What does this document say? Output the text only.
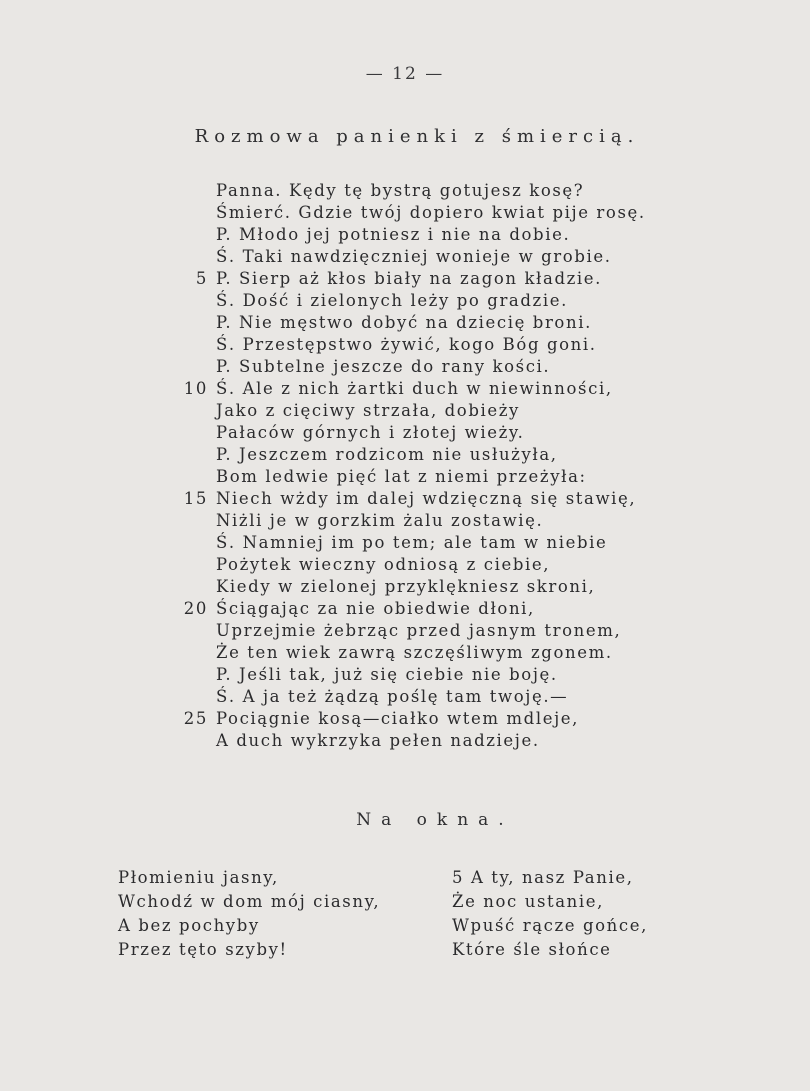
— 12 —
Rozmowa panienki z śmiercią.
Panna. Kędy tę bystrą gotujesz kosę?
Śmierć. Gdzie twój dopiero kwiat pije rosę.
P. Młodo jej potniesz i nie na dobie.
Ś. Taki nawdzięczniej wonieje w grobie.
5 P. Sierp aż kłos biały na zagon kładzie.
Ś. Dość i zielonych leży po gradzie.
P. Nie męstwo dobyć na dziecię broni.
Ś. Przestępstwo żywić, kogo Bóg goni.
P. Subtelne jeszcze do rany kości.
10 Ś. Ale z nich żartki duch w niewinności,
Jako z cięciwy strzała, dobieży
Pałaców górnych i złotej wieży.
P. Jeszczem rodzicom nie usłużyła,
Bom ledwie pięć lat z niemi przeżyła:
15 Niech wżdy im dalej wdzięczną się stawię,
Niżli je w gorzkim żalu zostawię.
Ś. Namniej im po tem; ale tam w niebie
Pożytek wieczny odniosą z ciebie,
Kiedy w zielonej przyklękniesz skroni,
20 Ściągając za nie obiedwie dłoni,
Uprzejmie żebrząc przed jasnym tronem,
Że ten wiek zawrą szczęśliwym zgonem.
P. Jeśli tak, już się ciebie nie boję.
Ś. A ja też żądzą poślę tam twoję.—
25 Pociągnie kosą—ciałko wtem mdleje,
A duch wykrzyka pełen nadzieje.
Na okna.
Płomieniu jasny,
Wchodź w dom mój ciasny,
A bez pochyby
Przez tęto szyby!
5 A ty, nasz Panie,
Że noc ustanie,
Wpuść rącze gońce,
Które śle słońce
